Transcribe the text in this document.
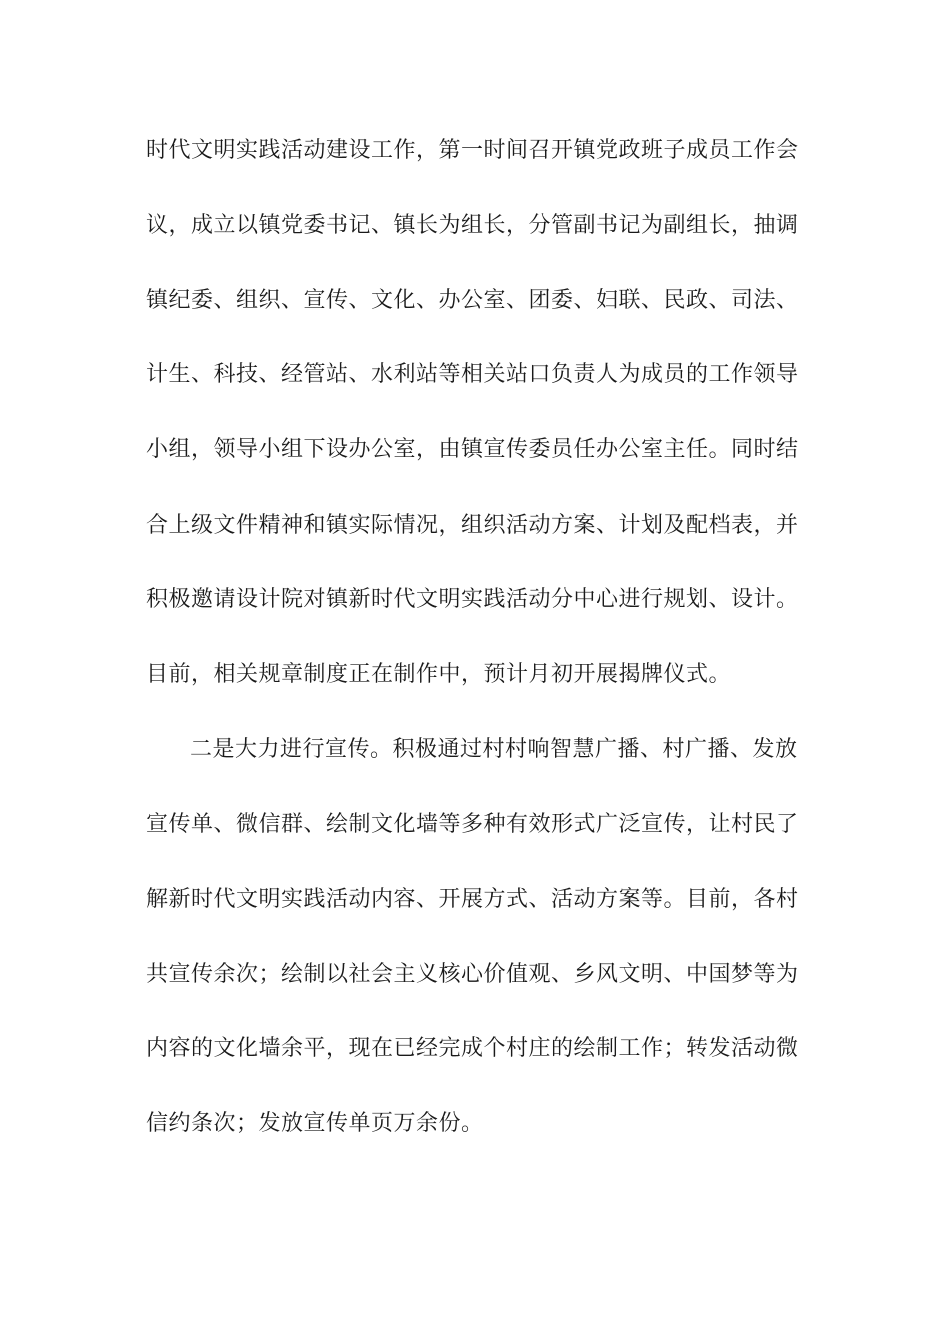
时代文明实践活动建设工作，第一时间召开镇党政班子成员工作会
议，成立以镇党委书记、镇长为组长，分管副书记为副组长，抽调
镇纪委、组织、宣传、文化、办公室、团委、妇联、民政、司法、
计生、科技、经管站、水利站等相关站口负责人为成员的工作领导
小组，领导小组下设办公室，由镇宣传委员任办公室主任。同时结
合上级文件精神和镇实际情况，组织活动方案、计划及配档表，并
积极邀请设计院对镇新时代文明实践活动分中心进行规划、设计。
目前，相关规章制度正在制作中，预计月初开展揭牌仪式。
二是大力进行宣传。积极通过村村响智慧广播、村广播、发放
宣传单、微信群、绘制文化墙等多种有效形式广泛宣传，让村民了
解新时代文明实践活动内容、开展方式、活动方案等。目前，各村
共宣传余次；绘制以社会主义核心价值观、乡风文明、中国梦等为
内容的文化墙余平，现在已经完成个村庄的绘制工作；转发活动微
信约条次；发放宣传单页万余份。
